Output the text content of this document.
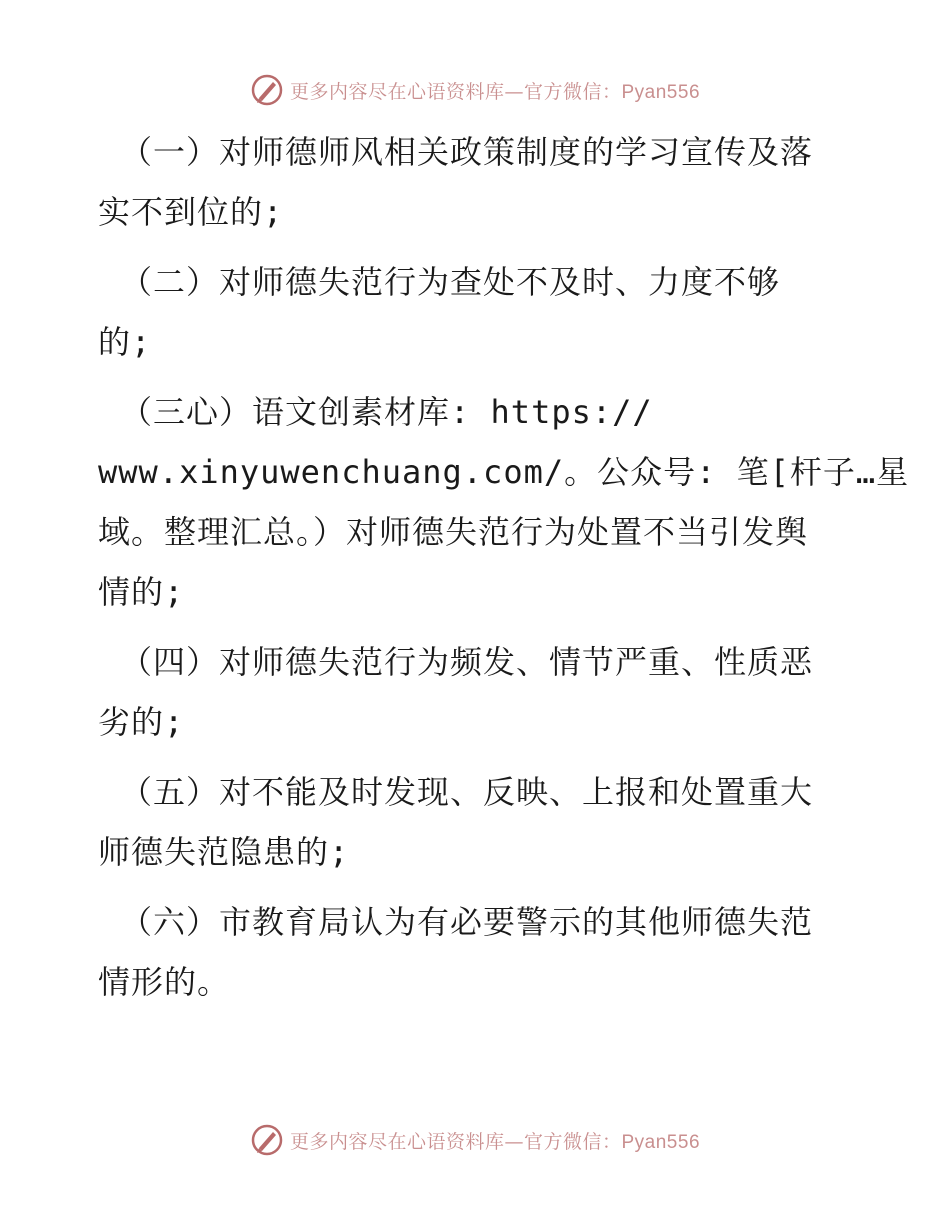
更多内容尽在心语资料库—官方微信：Pyan556

（一）对师德师风相关政策制度的学习宣传及落
实不到位的;

（二）对师德失范行为查处不及时、力度不够
的;

（三心）语文创素材库: https://
www.xinyuwenchuang.com/。公众号: 笔[杆子…星
域。整理汇总。）对师德失范行为处置不当引发舆
情的;

（四）对师德失范行为频发、情节严重、性质恶
劣的;

（五）对不能及时发现、反映、上报和处置重大
师德失范隐患的;

（六）市教育局认为有必要警示的其他师德失范
情形的。

更多内容尽在心语资料库—官方微信：Pyan556
